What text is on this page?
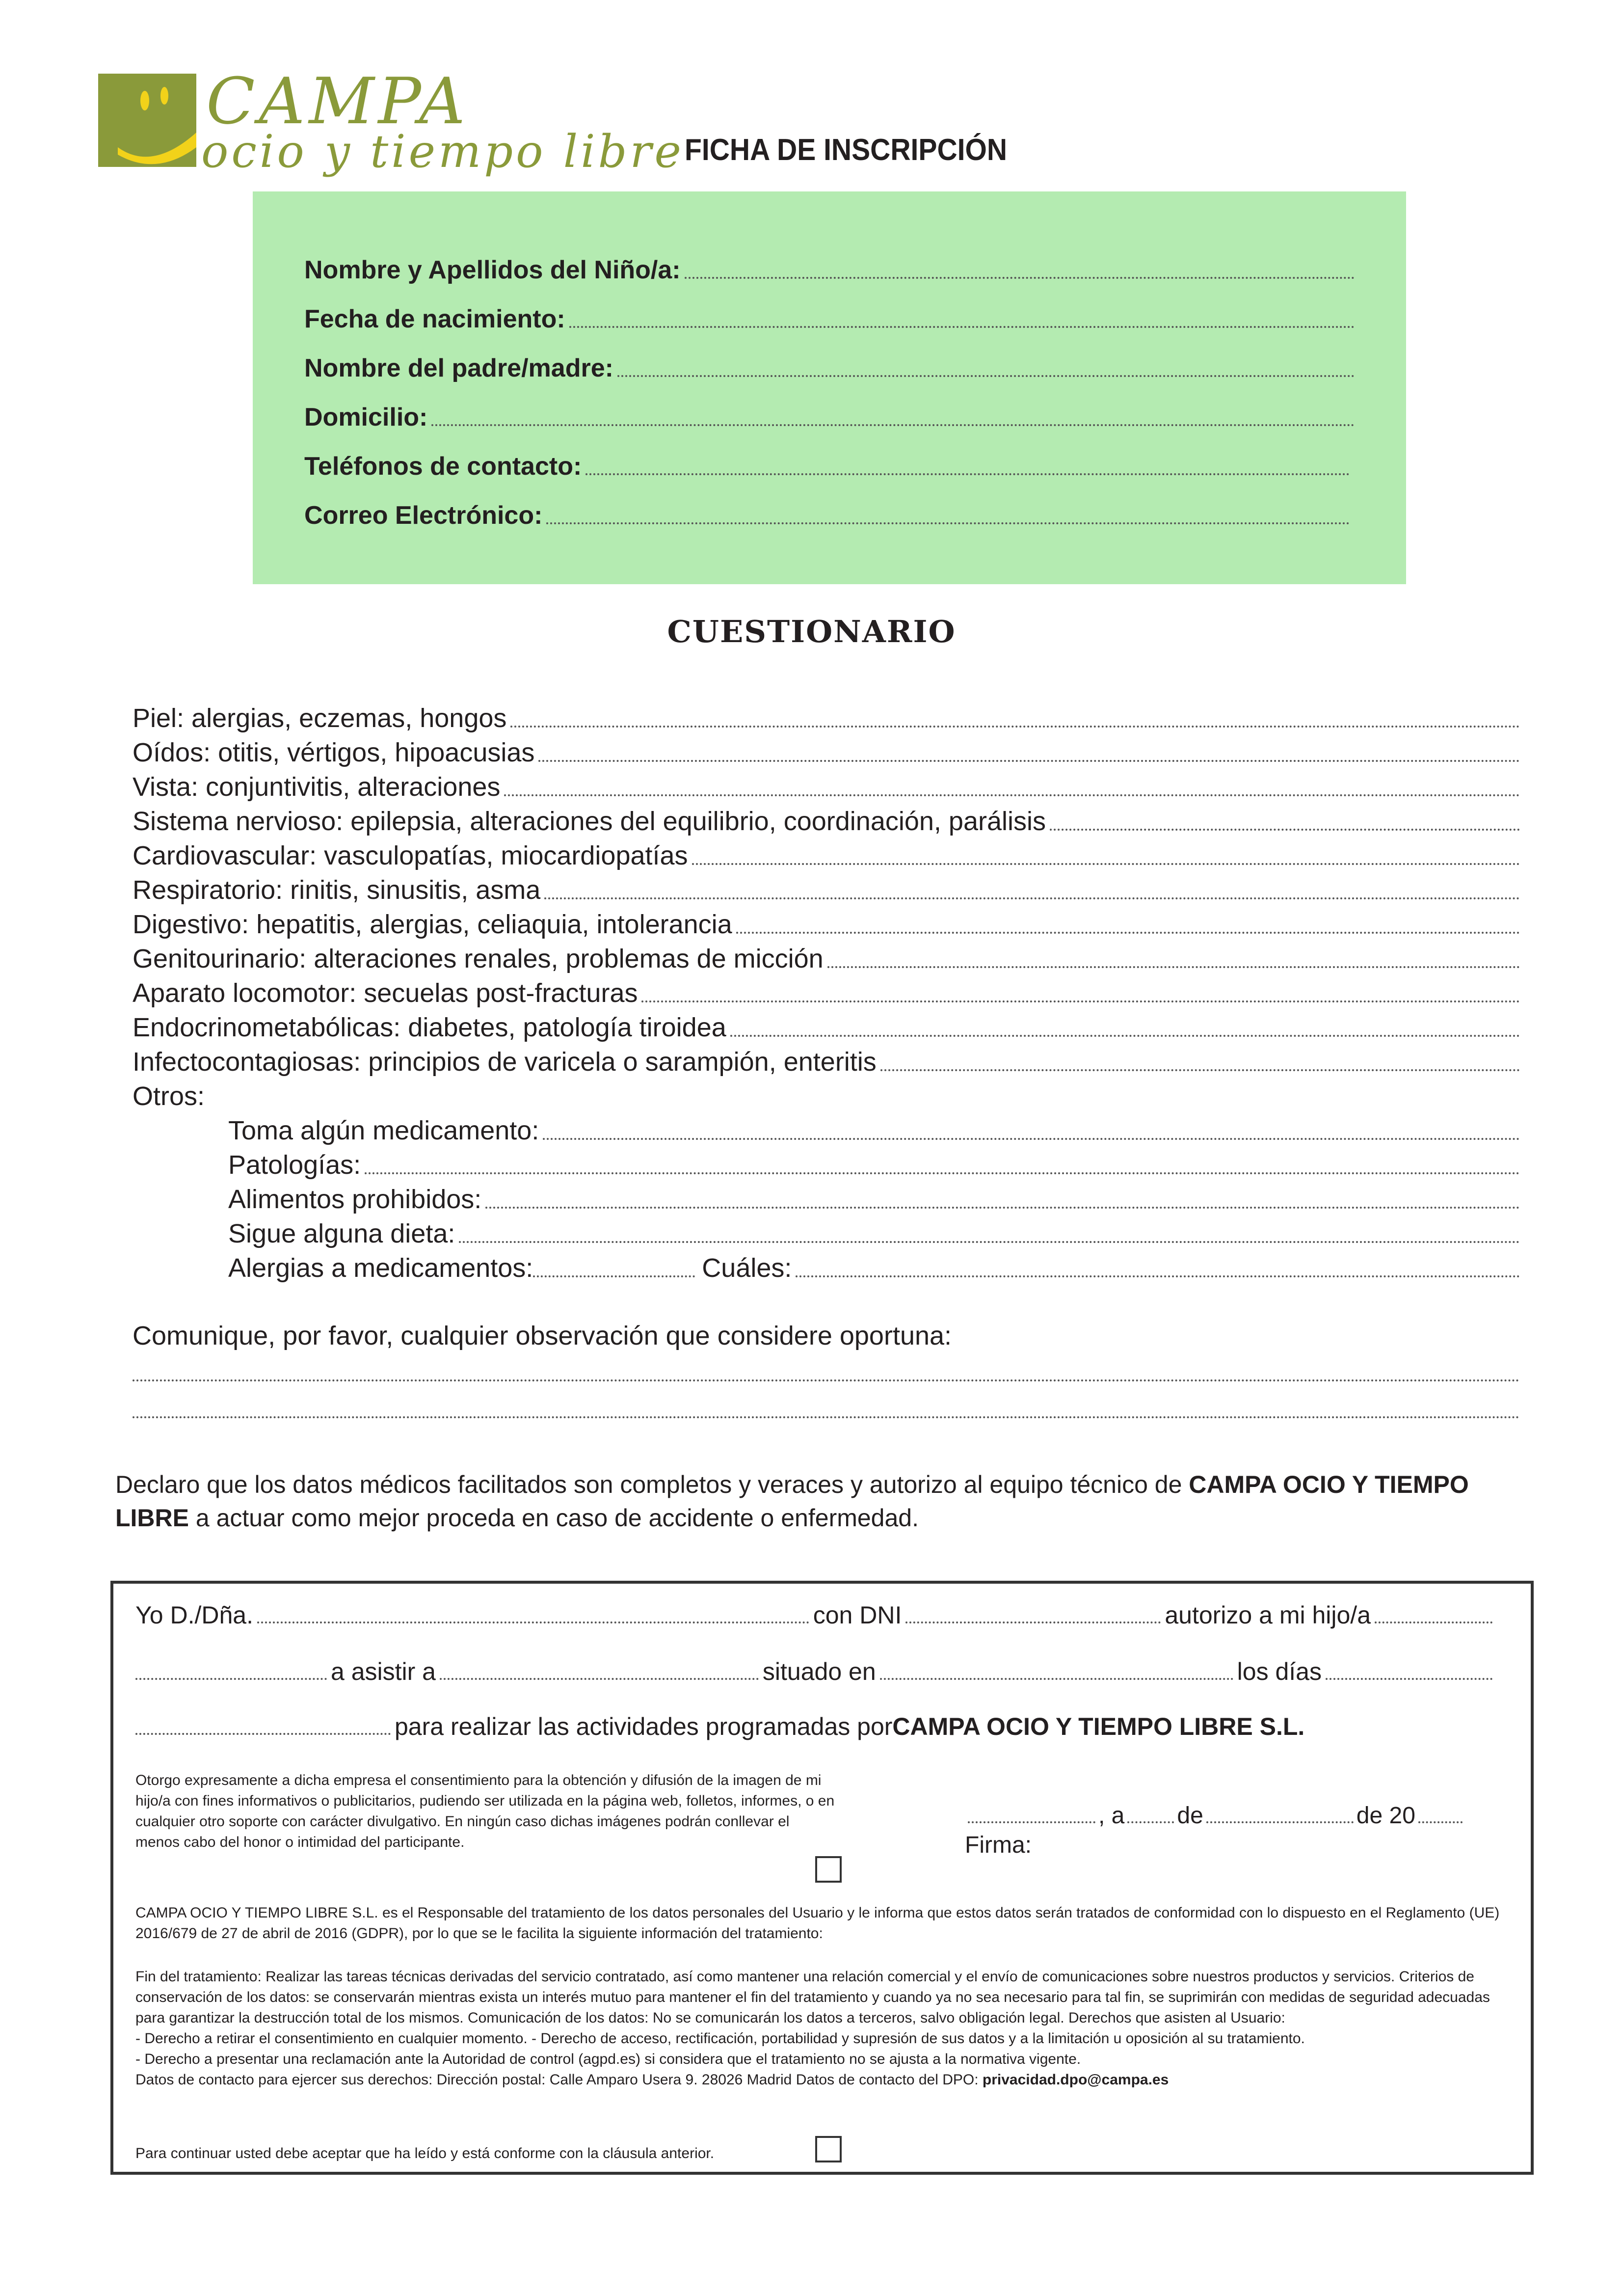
CAMPA
ocio y tiempo libre FICHA DE INSCRIPCIÓN
Nombre y Apellidos del Niño/a:
Fecha de nacimiento:
Nombre del padre/madre:
Domicilio:
Teléfonos de contacto:
Correo Electrónico:
CUESTIONARIO
Piel: alergias, eczemas, hongos
Oídos: otitis, vértigos, hipoacusias
Vista: conjuntivitis, alteraciones
Sistema nervioso: epilepsia, alteraciones del equilibrio, coordinación, parálisis
Cardiovascular: vasculopatías, miocardiopatías
Respiratorio: rinitis, sinusitis, asma
Digestivo: hepatitis, alergias, celiaquia, intolerancia
Genitourinario: alteraciones renales, problemas de micción
Aparato locomotor: secuelas post-fracturas
Endocrinometabólicas: diabetes, patología tiroidea
Infectocontagiosas: principios de varicela o sarampión, enteritis
Otros:
Toma algún medicamento:
Patologías:
Alimentos prohibidos:
Sigue alguna dieta:
Alergias a medicamentos:	Cuáles:
Comunique, por favor, cualquier observación que considere oportuna:
Declaro que los datos médicos facilitados son completos y veraces y autorizo al equipo técnico de CAMPA OCIO Y TIEMPO LIBRE a actuar como mejor proceda en caso de accidente o enfermedad.
Yo D./Dña.	con DNI	autorizo a mi hijo/a
a asistir a	situado en	los días
para realizar las actividades programadas por CAMPA OCIO Y TIEMPO LIBRE S.L.
Otorgo expresamente a dicha empresa el consentimiento para la obtención y difusión de la imagen de mi hijo/a con fines informativos o publicitarios, pudiendo ser utilizada en la página web, folletos, informes, o en cualquier otro soporte con carácter divulgativo. En ningún caso dichas imágenes podrán conllevar el menos cabo del honor o intimidad del participante.
, a de	de 20
Firma:
CAMPA OCIO Y TIEMPO LIBRE S.L. es el Responsable del tratamiento de los datos personales del Usuario y le informa que estos datos serán tratados de conformidad con lo dispuesto en el Reglamento (UE) 2016/679 de 27 de abril de 2016 (GDPR), por lo que se le facilita la siguiente información del tratamiento:
Fin del tratamiento: Realizar las tareas técnicas derivadas del servicio contratado, así como mantener una relación comercial y el envío de comunicaciones sobre nuestros productos y servicios. Criterios de conservación de los datos: se conservarán mientras exista un interés mutuo para mantener el fin del tratamiento y cuando ya no sea necesario para tal fin, se suprimirán con medidas de seguridad adecuadas para garantizar la destrucción total de los mismos. Comunicación de los datos: No se comunicarán los datos a terceros, salvo obligación legal. Derechos que asisten al Usuario:
- Derecho a retirar el consentimiento en cualquier momento. - Derecho de acceso, rectificación, portabilidad y supresión de sus datos y a la limitación u oposición al su tratamiento.
- Derecho a presentar una reclamación ante la Autoridad de control (agpd.es) si considera que el tratamiento no se ajusta a la normativa vigente.
Datos de contacto para ejercer sus derechos: Dirección postal: Calle Amparo Usera 9. 28026 Madrid Datos de contacto del DPO: privacidad.dpo@campa.es
Para continuar usted debe aceptar que ha leído y está conforme con la cláusula anterior.
